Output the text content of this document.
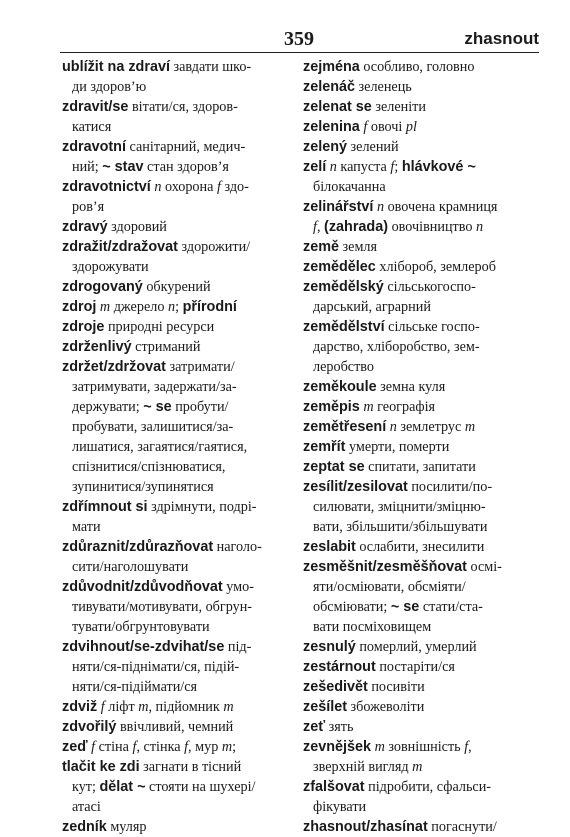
359	zhasnout
ublížit na zdraví завдати шко-
ди здоров’ю
zdravit/se вітати/ся, здоров-
катися
zdravotní санітарний, медич-
ний; ~ stav стан здоров’я
zdravotnictví n охорона f здо-
ров’я
zdravý здоровий
zdražit/zdražovat здорожити/
здорожувати
zdrogovaný обкурений
zdroj m джерело n; přírodní
zdroje природні ресурси
zdrženlivý стриманий
zdržet/zdržovat затримати/
затримувати, задержати/за-
держувати; ~ se пробути/
пробувати, залишитися/за-
лишатися, загаятися/гаятися,
спізнитися/спізнюватися,
зупинитися/зупинятися
zdřímnout si здрімнути, подрі-
мати
zdůraznit/zdůrazňovat наголо-
сити/наголошувати
zdůvodnit/zdůvodňovat умо-
тивувати/мотивувати, обгрун-
тувати/обгрунтовувати
zdvihnout/se-zdvihat/se під-
няти/ся-піднімати/ся, підій-
няти/ся-підіймати/ся
zdviž f ліфт m, підйомник m
zdvořilý ввічливий, чемний
zeď f стіна f, стінка f, мур m;
tlačit ke zdi загнати в тісний
кут; dělat ~ стояти на шухері/
атасі
zedník муляр
zejména особливо, головно
zelenáč зеленець
zelenat se зеленіти
zelenina f овочі pl
zelený зелений
zelí n капуста f; hlávkové ~
білокачанна
zelinářství n овочена крамниця
f, (zahrada) овочівництво n
země земля
zemědělec хлібороб, землероб
zemědělský сільськогоспо-
дарський, аграрний
zemědělství сільське госпо-
дарство, хліборобство, зем-
леробство
zeměkoule земна куля
zeměpis m географія
zemětřesení n землетрус m
zemřít умерти, померти
zeptat se спитати, запитати
zesílit/zesilovat посилити/по-
силювати, зміцнити/зміцню-
вати, збільшити/збільшувати
zeslabit ослабити, знесилити
zesměšnit/zesměšňovat осмі-
яти/осміювати, обсміяти/
обсміювати; ~ se стати/ста-
вати посміховищем
zesnulý померлий, умерлий
zestárnout постаріти/ся
zešedivět посивіти
zešílet збожеволіти
zeť зять
zevnějšek m зовнішність f,
зверхній вигляд m
zfalšovat підробити, сфальси-
фікувати
zhasnout/zhasínat погаснути/
